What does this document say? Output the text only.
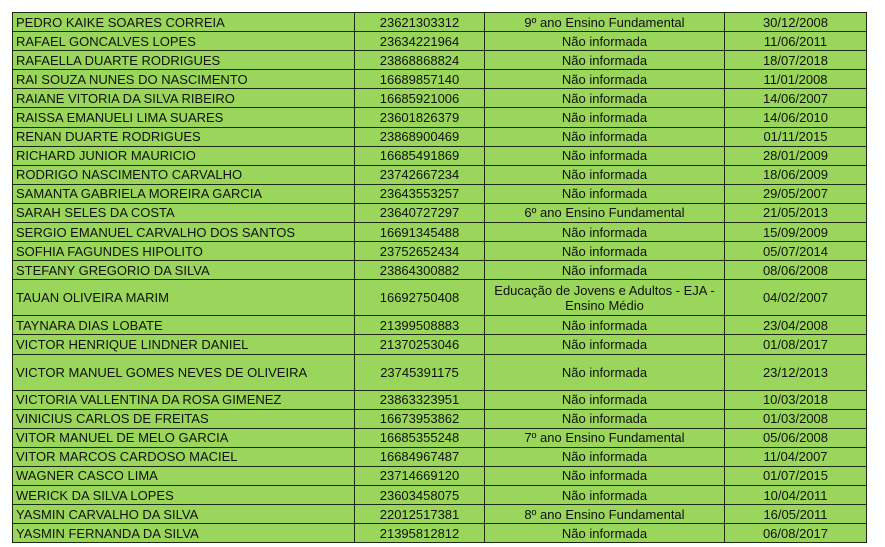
PEDRO KAIKE SOARES CORREIA	23621303312	9º ano Ensino Fundamental	30/12/2008
RAFAEL GONCALVES LOPES	23634221964	Não informada	11/06/2011
RAFAELLA DUARTE RODRIGUES	23868868824	Não informada	18/07/2018
RAI SOUZA NUNES DO NASCIMENTO	16689857140	Não informada	11/01/2008
RAIANE VITORIA DA SILVA RIBEIRO	16685921006	Não informada	14/06/2007
RAISSA EMANUELI LIMA SUARES	23601826379	Não informada	14/06/2010
RENAN DUARTE RODRIGUES	23868900469	Não informada	01/11/2015
RICHARD JUNIOR MAURICIO	16685491869	Não informada	28/01/2009
RODRIGO NASCIMENTO CARVALHO	23742667234	Não informada	18/06/2009
SAMANTA GABRIELA MOREIRA GARCIA	23643553257	Não informada	29/05/2007
SARAH SELES DA COSTA	23640727297	6º ano Ensino Fundamental	21/05/2013
SERGIO EMANUEL CARVALHO DOS SANTOS	16691345488	Não informada	15/09/2009
SOFHIA FAGUNDES HIPOLITO	23752652434	Não informada	05/07/2014
STEFANY GREGORIO DA SILVA	23864300882	Não informada	08/06/2008
TAUAN OLIVEIRA MARIM	16692750408	Educação de Jovens e Adultos - EJA - Ensino Médio	04/02/2007
TAYNARA DIAS LOBATE	21399508883	Não informada	23/04/2008
VICTOR HENRIQUE LINDNER DANIEL	21370253046	Não informada	01/08/2017
VICTOR MANUEL GOMES NEVES DE OLIVEIRA	23745391175	Não informada	23/12/2013
VICTORIA VALLENTINA DA ROSA GIMENEZ	23863323951	Não informada	10/03/2018
VINICIUS CARLOS DE FREITAS	16673953862	Não informada	01/03/2008
VITOR MANUEL DE MELO GARCIA	16685355248	7º ano Ensino Fundamental	05/06/2008
VITOR MARCOS CARDOSO MACIEL	16684967487	Não informada	11/04/2007
WAGNER CASCO LIMA	23714669120	Não informada	01/07/2015
WERICK DA SILVA LOPES	23603458075	Não informada	10/04/2011
YASMIN CARVALHO DA SILVA	22012517381	8º ano Ensino Fundamental	16/05/2011
YASMIN FERNANDA DA SILVA	21395812812	Não informada	06/08/2017
